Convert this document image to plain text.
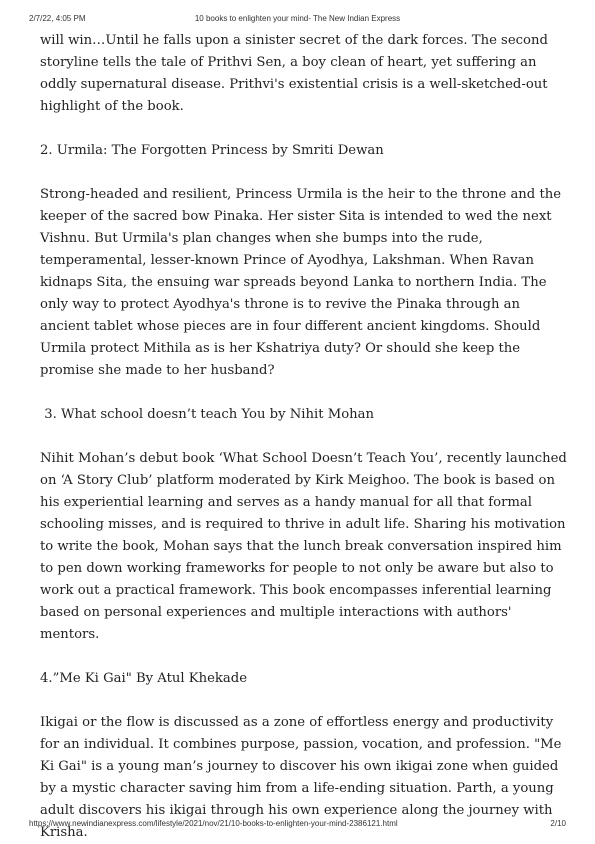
2/7/22, 4:05 PM	10 books to enlighten your mind- The New Indian Express

will win…Until he falls upon a sinister secret of the dark forces. The second storyline tells the tale of Prithvi Sen, a boy clean of heart, yet suffering an oddly supernatural disease. Prithvi's existential crisis is a well-sketched-out highlight of the book.

2. Urmila: The Forgotten Princess by Smriti Dewan

Strong-headed and resilient, Princess Urmila is the heir to the throne and the keeper of the sacred bow Pinaka. Her sister Sita is intended to wed the next Vishnu. But Urmila's plan changes when she bumps into the rude, temperamental, lesser-known Prince of Ayodhya, Lakshman. When Ravan kidnaps Sita, the ensuing war spreads beyond Lanka to northern India. The only way to protect Ayodhya's throne is to revive the Pinaka through an ancient tablet whose pieces are in four different ancient kingdoms. Should Urmila protect Mithila as is her Kshatriya duty? Or should she keep the promise she made to her husband?

3. What school doesn’t teach You by Nihit Mohan

Nihit Mohan’s debut book ‘What School Doesn’t Teach You’, recently launched on ‘A Story Club’ platform moderated by Kirk Meighoo. The book is based on his experiential learning and serves as a handy manual for all that formal schooling misses, and is required to thrive in adult life. Sharing his motivation to write the book, Mohan says that the lunch break conversation inspired him to pen down working frameworks for people to not only be aware but also to work out a practical framework. This book encompasses inferential learning based on personal experiences and multiple interactions with authors' mentors.

4.”Me Ki Gai" By Atul Khekade

Ikigai or the flow is discussed as a zone of effortless energy and productivity for an individual. It combines purpose, passion, vocation, and profession. "Me Ki Gai" is a young man’s journey to discover his own ikigai zone when guided by a mystic character saving him from a life-ending situation. Parth, a young adult discovers his ikigai through his own experience along the journey with Krisha.

https://www.newindianexpress.com/lifestyle/2021/nov/21/10-books-to-enlighten-your-mind-2386121.html	2/10
